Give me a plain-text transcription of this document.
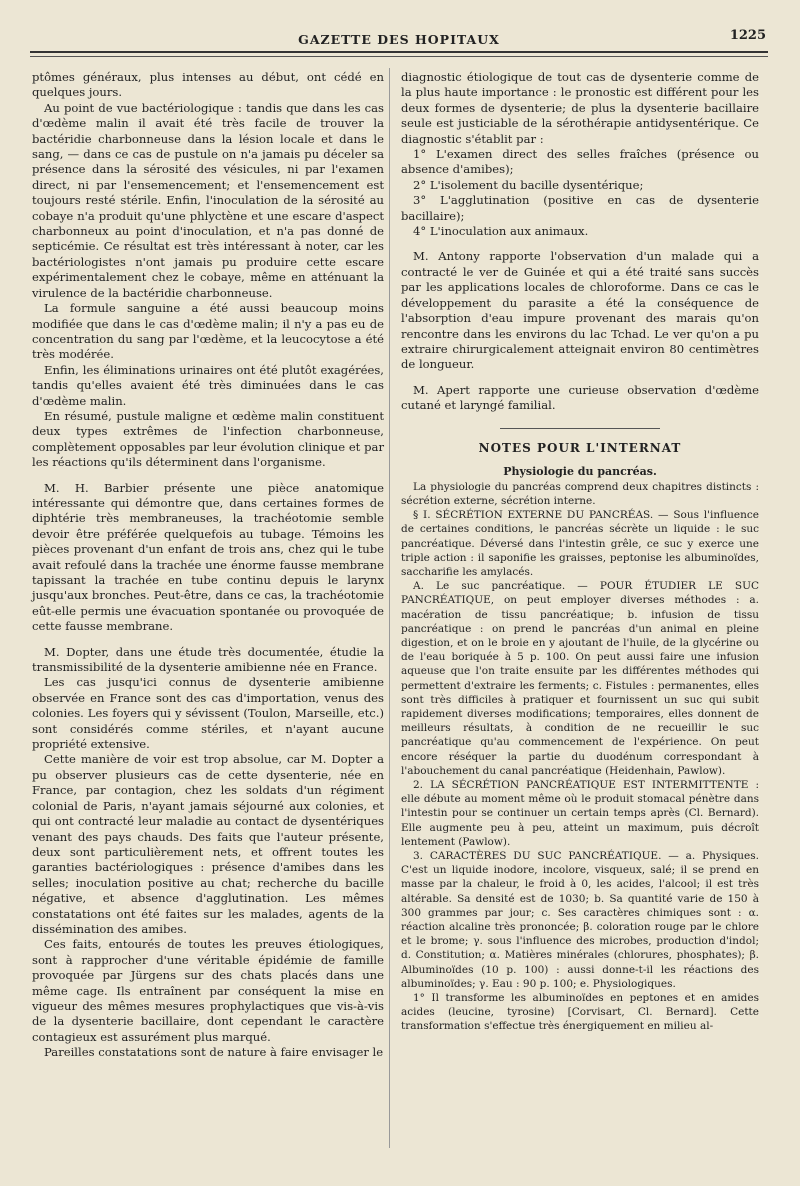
GAZETTE DES HOPITAUX	1225

ptômes généraux, plus intenses au début, ont cédé en quelques jours.

Au point de vue bactériologique : tandis que dans les cas d'œdème malin il avait été très facile de trouver la bactéridie charbonneuse dans la lésion locale et dans le sang, — dans ce cas de pustule on n'a jamais pu déceler sa présence dans la sérosité des vésicules, ni par l'examen direct, ni par l'ensemencement; et l'ensemencement est toujours resté stérile. Enfin, l'inoculation de la sérosité au cobaye n'a produit qu'une phlyctène et une escare d'aspect charbonneux au point d'inoculation, et n'a pas donné de septicémie. Ce résultat est très intéressant à noter, car les bactériologistes n'ont jamais pu produire cette escare expérimentalement chez le cobaye, même en atténuant la virulence de la bactéridie charbonneuse.

La formule sanguine a été aussi beaucoup moins modifiée que dans le cas d'œdème malin; il n'y a pas eu de concentration du sang par l'œdème, et la leucocytose a été très modérée.

Enfin, les éliminations urinaires ont été plutôt exagérées, tandis qu'elles avaient été très diminuées dans le cas d'œdème malin.

En résumé, pustule maligne et œdème malin constituent deux types extrêmes de l'infection charbonneuse, complètement opposables par leur évolution clinique et par les réactions qu'ils déterminent dans l'organisme.

M. H. Barbier présente une pièce anatomique intéressante qui démontre que, dans certaines formes de diphtérie très membraneuses, la trachéotomie semble devoir être préférée quelquefois au tubage. Témoins les pièces provenant d'un enfant de trois ans, chez qui le tube avait refoulé dans la trachée une énorme fausse membrane tapissant la trachée en tube continu depuis le larynx jusqu'aux bronches. Peut-être, dans ce cas, la trachéotomie eût-elle permis une évacuation spontanée ou provoquée de cette fausse membrane.

M. Dopter, dans une étude très documentée, étudie la transmissibilité de la dysenterie amibienne née en France.

Les cas jusqu'ici connus de dysenterie amibienne observée en France sont des cas d'importation, venus des colonies. Les foyers qui y sévissent (Toulon, Marseille, etc.) sont considérés comme stériles, et n'ayant aucune propriété extensive.

Cette manière de voir est trop absolue, car M. Dopter a pu observer plusieurs cas de cette dysenterie, née en France, par contagion, chez les soldats d'un régiment colonial de Paris, n'ayant jamais séjourné aux colonies, et qui ont contracté leur maladie au contact de dysentériques venant des pays chauds. Des faits que l'auteur présente, deux sont particulièrement nets, et offrent toutes les garanties bactériologiques : présence d'amibes dans les selles; inoculation positive au chat; recherche du bacille négative, et absence d'agglutination. Les mêmes constatations ont été faites sur les malades, agents de la dissémination des amibes.

Ces faits, entourés de toutes les preuves étiologiques, sont à rapprocher d'une véritable épidémie de famille provoquée par Jürgens sur des chats placés dans une même cage. Ils entraînent par conséquent la mise en vigueur des mêmes mesures prophylactiques que vis-à-vis de la dysenterie bacillaire, dont cependant le caractère contagieux est assurément plus marqué.

Pareilles constatations sont de nature à faire envisager le

diagnostic étiologique de tout cas de dysenterie comme de la plus haute importance : le pronostic est différent pour les deux formes de dysenterie; de plus la dysenterie bacillaire seule est justiciable de la sérothérapie antidysentérique. Ce diagnostic s'établit par :

1° L'examen direct des selles fraîches (présence ou absence d'amibes);

2° L'isolement du bacille dysentérique;

3° L'agglutination (positive en cas de dysenterie bacillaire);

4° L'inoculation aux animaux.

M. Antony rapporte l'observation d'un malade qui a contracté le ver de Guinée et qui a été traité sans succès par les applications locales de chloroforme. Dans ce cas le développement du parasite a été la conséquence de l'absorption d'eau impure provenant des marais qu'on rencontre dans les environs du lac Tchad. Le ver qu'on a pu extraire chirurgicalement atteignait environ 80 centimètres de longueur.

M. Apert rapporte une curieuse observation d'œdème cutané et laryngé familial.

NOTES POUR L'INTERNAT
Physiologie du pancréas.

La physiologie du pancréas comprend deux chapitres distincts : sécrétion externe, sécrétion interne.

§ I. SÉCRÉTION EXTERNE DU PANCRÉAS. — Sous l'influence de certaines conditions, le pancréas sécrète un liquide : le suc pancréatique. Déversé dans l'intestin grêle, ce suc y exerce une triple action : il saponifie les graisses, peptonise les albuminoïdes, saccharifie les amylacés.

A. Le suc pancréatique. — POUR ÉTUDIER LE SUC PANCRÉATIQUE, on peut employer diverses méthodes : a. macération de tissu pancréatique; b. infusion de tissu pancréatique : on prend le pancréas d'un animal en pleine digestion, et on le broie en y ajoutant de l'huile, de la glycérine ou de l'eau boriquée à 5 p. 100. On peut aussi faire une infusion aqueuse que l'on traite ensuite par les différentes méthodes qui permettent d'extraire les ferments; c. Fistules : permanentes, elles sont très difficiles à pratiquer et fournissent un suc qui subit rapidement diverses modifications; temporaires, elles donnent de meilleurs résultats, à condition de ne recueillir le suc pancréatique qu'au commencement de l'expérience. On peut encore réséquer la partie du duodénum correspondant à l'abouchement du canal pancréatique (Heidenhain, Pawlow).

2. LA SÉCRÉTION PANCRÉATIQUE EST INTERMITTENTE : elle débute au moment même où le produit stomacal pénètre dans l'intestin pour se continuer un certain temps après (Cl. Bernard). Elle augmente peu à peu, atteint un maximum, puis décroît lentement (Pawlow).

3. CARACTÈRES DU SUC PANCRÉATIQUE. — a. Physiques. C'est un liquide inodore, incolore, visqueux, salé; il se prend en masse par la chaleur, le froid à 0, les acides, l'alcool; il est très altérable. Sa densité est de 1030; b. Sa quantité varie de 150 à 300 grammes par jour; c. Ses caractères chimiques sont : α. réaction alcaline très prononcée; β. coloration rouge par le chlore et le brome; γ. sous l'influence des microbes, production d'indol; d. Constitution; α. Matières minérales (chlorures, phosphates); β. Albuminoïdes (10 p. 100) : aussi donne-t-il les réactions des albuminoïdes; γ. Eau : 90 p. 100; e. Physiologiques.

1° Il transforme les albuminoïdes en peptones et en amides acides (leucine, tyrosine) [Corvisart, Cl. Bernard]. Cette transformation s'effectue très énergiquement en milieu al-
